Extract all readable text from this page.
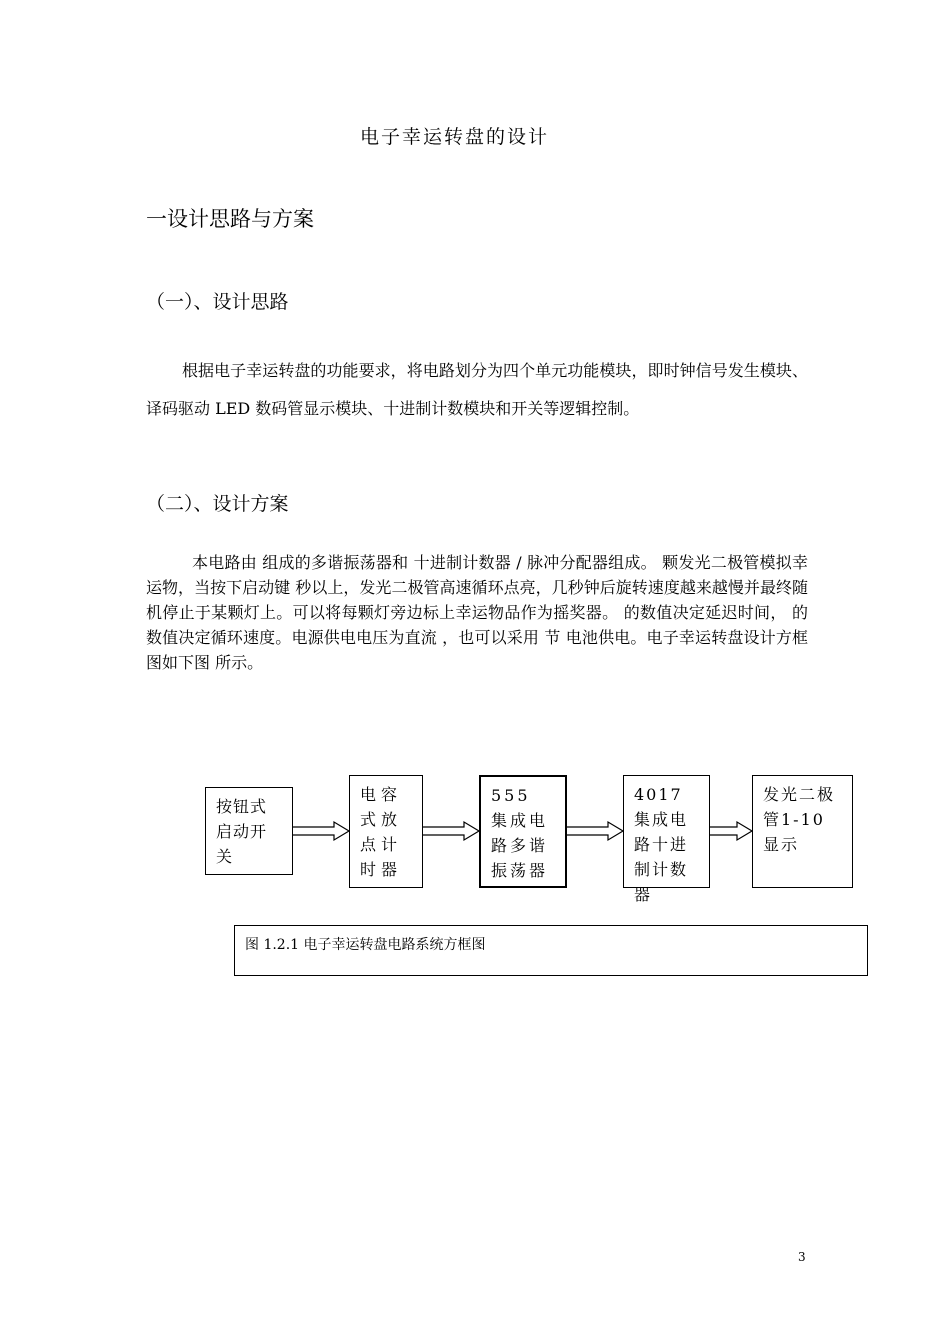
电子幸运转盘的设计
一设计思路与方案
（一）、设计思路

根据电子幸运转盘的功能要求，将电路划分为四个单元功能模块，即时钟信号发生模块、译码驱动 LED 数码管显示模块、十进制计数模块和开关等逻辑控制。

（二）、设计方案

本电路由 组成的多谐振荡器和 十进制计数器 / 脉冲分配器组成。 颗发光二极管模拟幸运物，当按下启动键 秒以上，发光二极管高速循环点亮，几秒钟后旋转速度越来越慢并最终随机停止于某颗灯上。可以将每颗灯旁边标上幸运物品作为摇奖器。 的数值决定延迟时间， 的数值决定循环速度。电源供电电压为直流 ，也可以采用 节 电池供电。电子幸运转盘设计方框图如下图 所示。

按钮式启动开关
电容式放点计时器
555 集成电路多谐振荡器
4017集成电路十进制计数器
发光二极管1-10显示
图 1.2.1 电子幸运转盘电路系统方框图
3
